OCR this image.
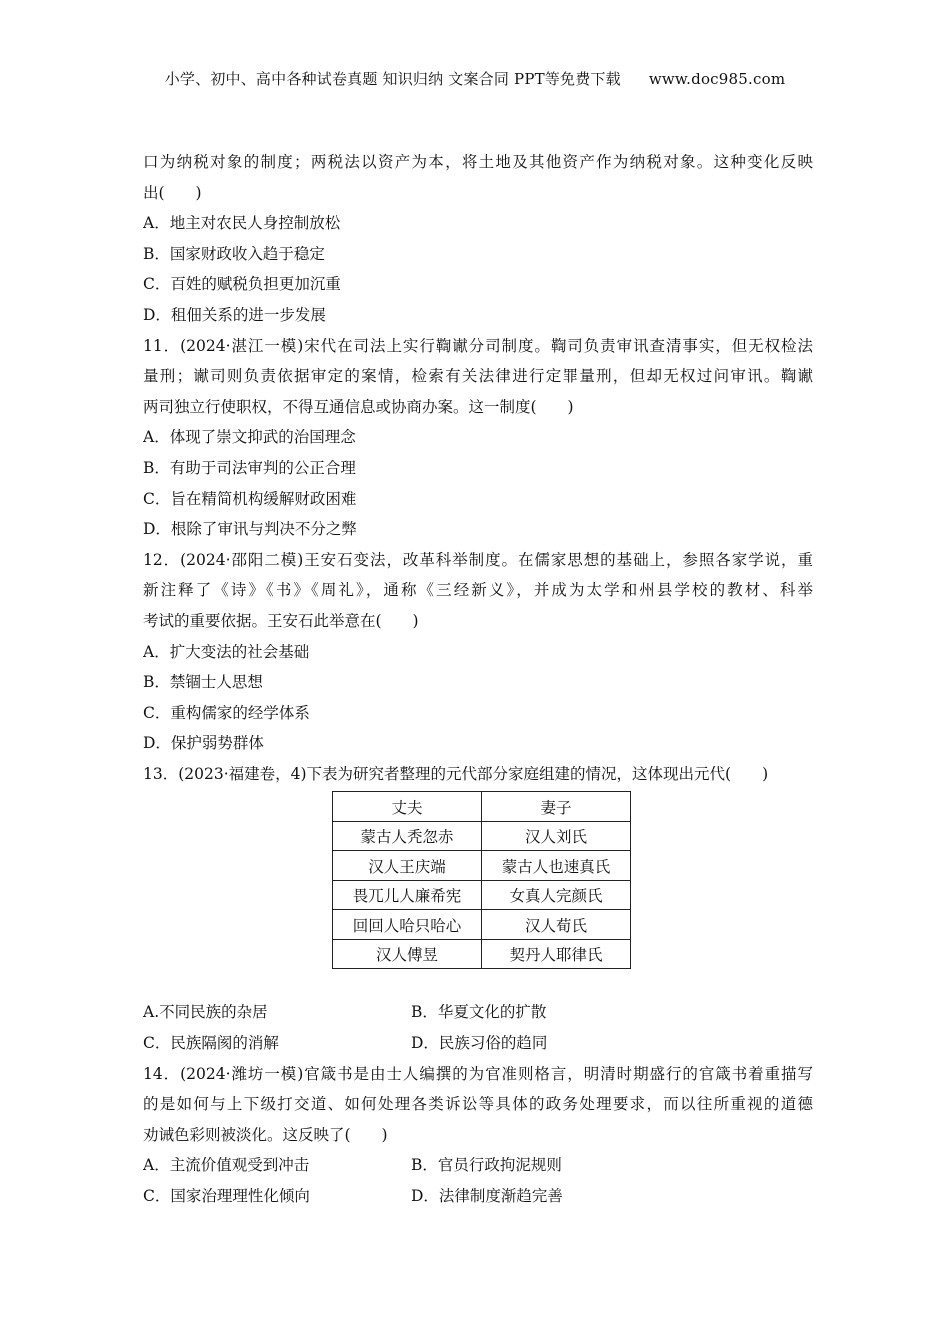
小学、初中、高中各种试卷真题 知识归纳 文案合同 PPT等免费下载 www.doc985.com
口为纳税对象的制度；两税法以资产为本，将土地及其他资产作为纳税对象。这种变化反映
出(　　)
A．地主对农民人身控制放松
B．国家财政收入趋于稳定
C．百姓的赋税负担更加沉重
D．租佃关系的进一步发展
11．(2024·湛江一模)宋代在司法上实行鞫谳分司制度。鞫司负责审讯查清事实，但无权检法
量刑；谳司则负责依据审定的案情，检索有关法律进行定罪量刑，但却无权过问审讯。鞫谳
两司独立行使职权，不得互通信息或协商办案。这一制度(　　)
A．体现了崇文抑武的治国理念
B．有助于司法审判的公正合理
C．旨在精简机构缓解财政困难
D．根除了审讯与判决不分之弊
12．(2024·邵阳二模)王安石变法，改革科举制度。在儒家思想的基础上，参照各家学说，重
新注释了《诗》《书》《周礼》，通称《三经新义》，并成为太学和州县学校的教材、科举
考试的重要依据。王安石此举意在(　　)
A．扩大变法的社会基础
B．禁锢士人思想
C．重构儒家的经学体系
D．保护弱势群体
13．(2023·福建卷，4)下表为研究者整理的元代部分家庭组建的情况，这体现出元代(　　)
丈夫	妻子
蒙古人秃忽赤	汉人刘氏
汉人王庆端	蒙古人也速真氏
畏兀儿人廉希宪	女真人完颜氏
回回人哈只哈心	汉人荀氏
汉人傅昱	契丹人耶律氏
A.不同民族的杂居	B．华夏文化的扩散
C．民族隔阂的消解	D．民族习俗的趋同
14．(2024·潍坊一模)官箴书是由士人编撰的为官准则格言，明清时期盛行的官箴书着重描写
的是如何与上下级打交道、如何处理各类诉讼等具体的政务处理要求，而以往所重视的道德
劝诫色彩则被淡化。这反映了(　　)
A．主流价值观受到冲击	B．官员行政拘泥规则
C．国家治理理性化倾向	D．法律制度渐趋完善
